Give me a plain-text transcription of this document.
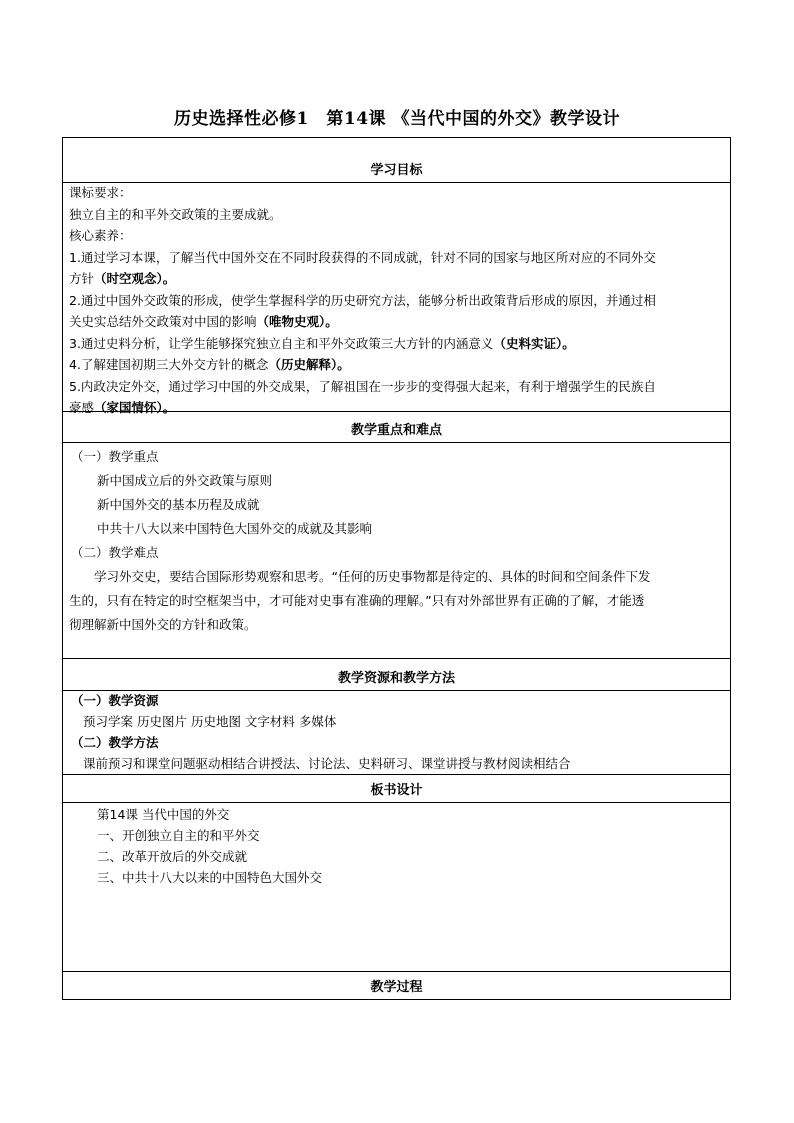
历史选择性必修1　第14课 《当代中国的外交》教学设计
学习目标
课标要求：
独立自主的和平外交政策的主要成就。
核心素养：
1.通过学习本课，了解当代中国外交在不同时段获得的不同成就，针对不同的国家与地区所对应的不同外交
方针（时空观念）。
2.通过中国外交政策的形成，使学生掌握科学的历史研究方法，能够分析出政策背后形成的原因，并通过相
关史实总结外交政策对中国的影响（唯物史观）。
3.通过史料分析，让学生能够探究独立自主和平外交政策三大方针的内涵意义（史料实证）。
4.了解建国初期三大外交方针的概念（历史解释）。
5.内政决定外交，通过学习中国的外交成果，了解祖国在一步步的变得强大起来，有利于增强学生的民族自
豪感（家国情怀）。
教学重点和难点
（一）教学重点
新中国成立后的外交政策与原则
新中国外交的基本历程及成就
中共十八大以来中国特色大国外交的成就及其影响
（二）教学难点
　　学习外交史，要结合国际形势观察和思考。“任何的历史事物都是待定的、具体的时间和空间条件下发
生的，只有在特定的时空框架当中，才可能对史事有准确的理解。”只有对外部世界有正确的了解，才能透
彻理解新中国外交的方针和政策。
教学资源和教学方法
（一）教学资源
预习学案 历史图片 历史地图 文字材料 多媒体
（二）教学方法
课前预习和课堂问题驱动相结合讲授法、讨论法、史料研习、课堂讲授与教材阅读相结合
板书设计
第14课 当代中国的外交
一、开创独立自主的和平外交
二、改革开放后的外交成就
三、中共十八大以来的中国特色大国外交
教学过程
